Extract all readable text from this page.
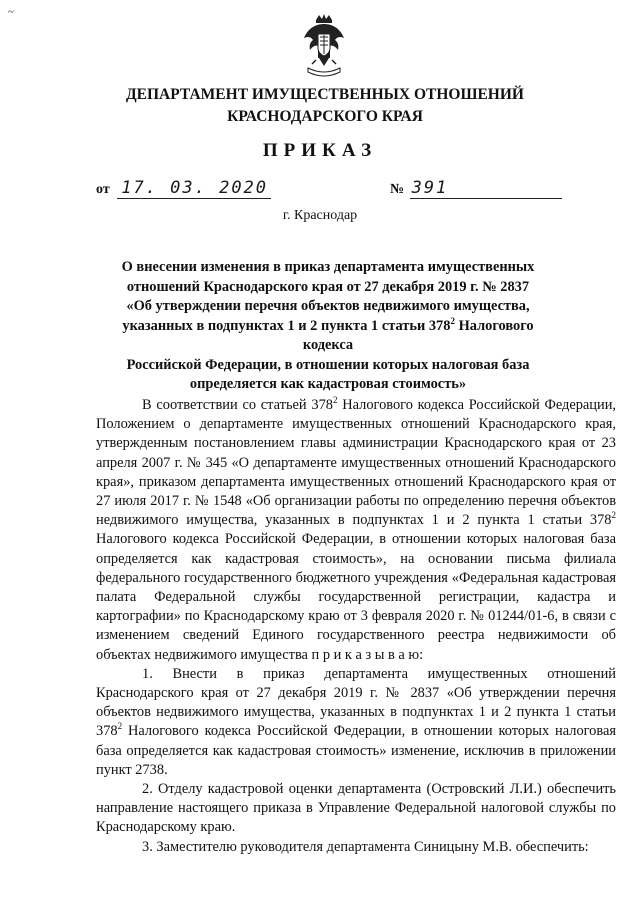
~
ДЕПАРТАМЕНТ ИМУЩЕСТВЕННЫХ ОТНОШЕНИЙ
КРАСНОДАРСКОГО КРАЯ
ПРИКАЗ
от 17. 03. 2020	№ 391
г. Краснодар
О внесении изменения в приказ департамента имущественных
отношений Краснодарского края от 27 декабря 2019 г. № 2837
«Об утверждении перечня объектов недвижимого имущества,
указанных в подпунктах 1 и 2 пункта 1 статьи $378^2$ Налогового кодекса
Российской Федерации, в отношении которых налоговая база
определяется как кадастровая стоимость»

В соответствии со статьей $378^2$ Налогового кодекса Российской Федерации, Положением о департаменте имущественных отношений Краснодарского края, утвержденным постановлением главы администрации Краснодарского края от 23 апреля 2007 г. № 345 «О департаменте имущественных отношений Краснодарского края», приказом департамента имущественных отношений Краснодарского края от 27 июля 2017 г. № 1548 «Об организации работы по определению перечня объектов недвижимого имущества, указанных в подпунктах 1 и 2 пункта 1 статьи $378^2$ Налогового кодекса Российской Федерации, в отношении которых налоговая база определяется как кадастровая стоимость», на основании письма филиала федерального государственного бюджетного учреждения «Федеральная кадастровая палата Федеральной службы государственной регистрации, кадастра и картографии» по Краснодарскому краю от 3 февраля 2020 г. № 01244/01-6, в связи с изменением сведений Единого государственного реестра недвижимости об объектах недвижимого имущества п р и к а з ы в а ю:

1. Внести в приказ департамента имущественных отношений Краснодарского края от 27 декабря 2019 г. № 2837 «Об утверждении перечня объектов недвижимого имущества, указанных в подпунктах 1 и 2 пункта 1 статьи $378^2$ Налогового кодекса Российской Федерации, в отношении которых налоговая база определяется как кадастровая стоимость» изменение, исключив в приложении пункт 2738.

2. Отделу кадастровой оценки департамента (Островский Л.И.) обеспечить направление настоящего приказа в Управление Федеральной налоговой службы по Краснодарскому краю.

3. Заместителю руководителя департамента Синицыну М.В. обеспечить:
